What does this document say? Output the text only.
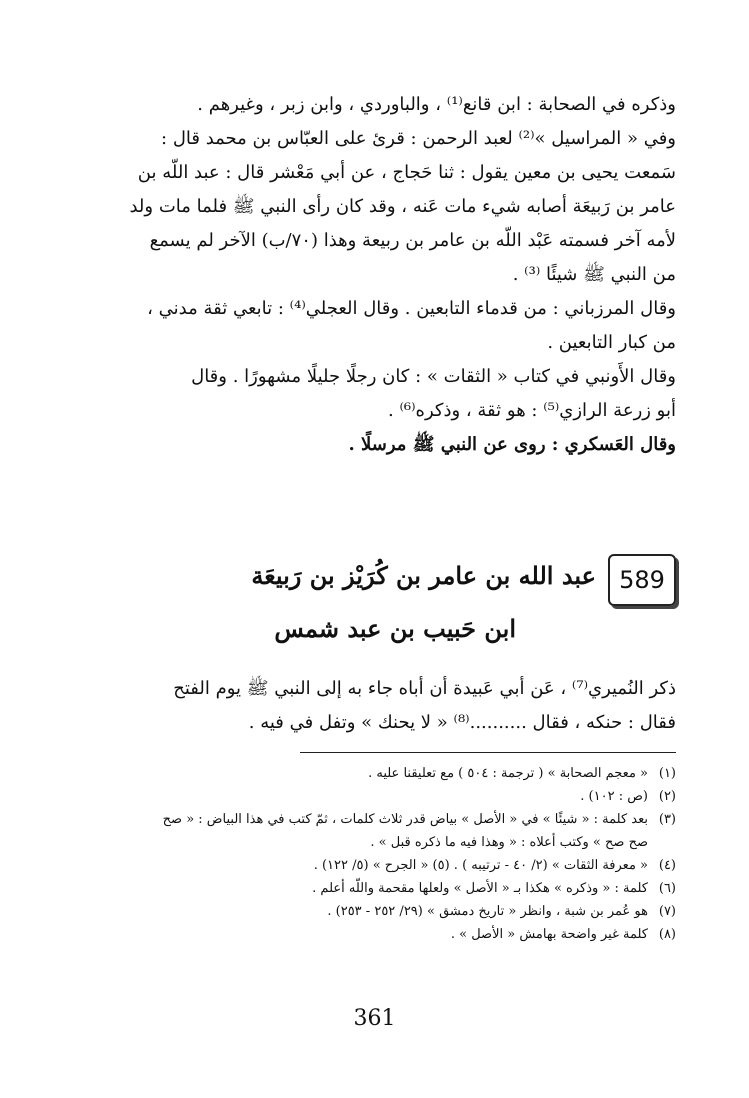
وذكره في الصحابة : ابن قانع⁽¹⁾ ، والباوردي ، وابن زبر ، وغيرهم .

وفي « المراسيل »⁽²⁾ لعبد الرحمن : قرئ على العبّاس بن محمد قال :

سَمعت يحيى بن معين يقول : ثنا حَجاج ، عن أبي مَعْشر قال : عبد اللّه بن

عامر بن رَبيعَة أصابه شيء مات عَنه ، وقد كان رأى النبي ﷺ فلما مات ولد

لأمه آخر فسمته عَبْد اللّه بن عامر بن ربيعة وهذا (٧٠/ب) الآخر لم يسمع

من النبي ﷺ شيئًا ⁽³⁾ .

وقال المرزباني : من قدماء التابعين . وقال العجلي⁽⁴⁾ : تابعي ثقة مدني ،

من كبار التابعين .

وقال الأَونبي في كتاب « الثقات » : كان رجلًا جليلًا مشهورًا . وقال

أبو زرعة الرازي⁽⁵⁾ : هو ثقة ، وذكره⁽⁶⁾ .

وقال العَسكري : روى عن النبي ﷺ مرسلًا .

589
عبد الله بن عامر بن كُرَيْز بن رَبيعَة
ابن حَبيب بن عبد شمس

ذكر النُميري⁽⁷⁾ ، عَن أبي عَبيدة أن أباه جاء به إلى النبي ﷺ يوم الفتح

فقال : حنكه ، فقال ..........⁽⁸⁾ « لا يحنك » وتفل في فيه .

(١)« معجم الصحابة » ( ترجمة : ٥٠٤ ) مع تعليقنا عليه .
(٢)(ص : ١٠٢) .
(٣)بعد كلمة : « شيئًا » في « الأصل » بياض قدر ثلاث كلمات ، ثمّ كتب في هذا البياض : « صح
صح صح » وكتب أعلاه : « وهذا فيه ما ذكره قبل » .
(٤)« معرفة الثقات » (٢/ ٤٠ - ترتيبه ) . (٥) « الجرح » (٥/ ١٢٢) .
(٦)كلمة : « وذكره » هكذا بـ « الأصل » ولعلها مقحمة واللّه أعلم .
(٧)هو عُمر بن شبة ، وانظر « تاريخ دمشق » (٢٩/ ٢٥٢ - ٢٥٣) .
(٨)كلمة غير واضحة بهامش « الأصل » .
361
